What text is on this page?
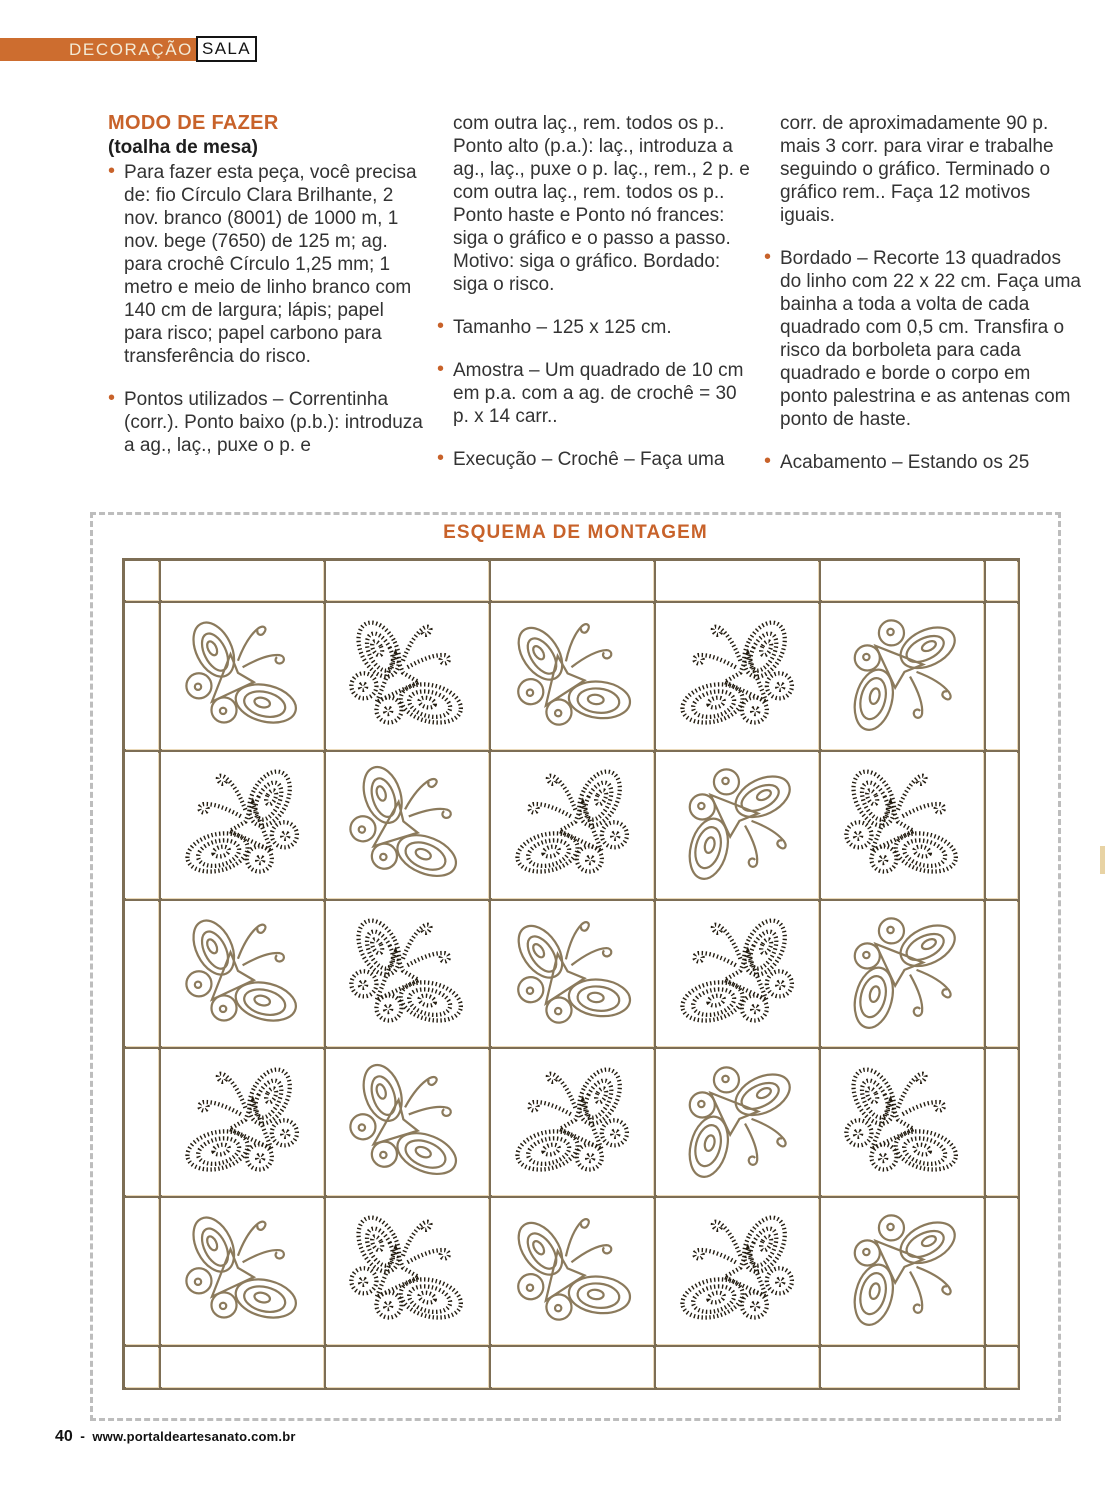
DECORAÇÃO SALA
MODO DE FAZER
(toalha de mesa)
• Para fazer esta peça, você precisa de: fio Círculo Clara Brilhante, 2 nov. branco (8001) de 1000 m, 1 nov. bege (7650) de 125 m; ag. para crochê Círculo 1,25 mm; 1 metro e meio de linho branco com 140 cm de largura; lápis; papel para risco; papel carbono para transferência do risco.
• Pontos utilizados – Correntinha (corr.). Ponto baixo (p.b.): introduza a ag., laç., puxe o p. e
com outra laç., rem. todos os p.. Ponto alto (p.a.): laç., introduza a ag., laç., puxe o p. laç., rem., 2 p. e com outra laç., rem. todos os p.. Ponto haste e Ponto nó frances: siga o gráfico e o passo a passo. Motivo: siga o gráfico. Bordado: siga o risco.
• Tamanho – 125 x 125 cm.
• Amostra – Um quadrado de 10 cm em p.a. com a ag. de crochê = 30 p. x 14 carr..
• Execução – Crochê – Faça uma
corr. de aproximadamente 90 p. mais 3 corr. para virar e trabalhe seguindo o gráfico. Terminado o gráfico rem.. Faça 12 motivos iguais.
• Bordado – Recorte 13 quadrados do linho com 22 x 22 cm. Faça uma bainha a toda a volta de cada quadrado com 0,5 cm. Transfira o risco da borboleta para cada quadrado e borde o corpo em ponto palestrina e as antenas com ponto de haste.
• Acabamento – Estando os 25
ESQUEMA DE MONTAGEM
40 - www.portaldeartesanato.com.br
